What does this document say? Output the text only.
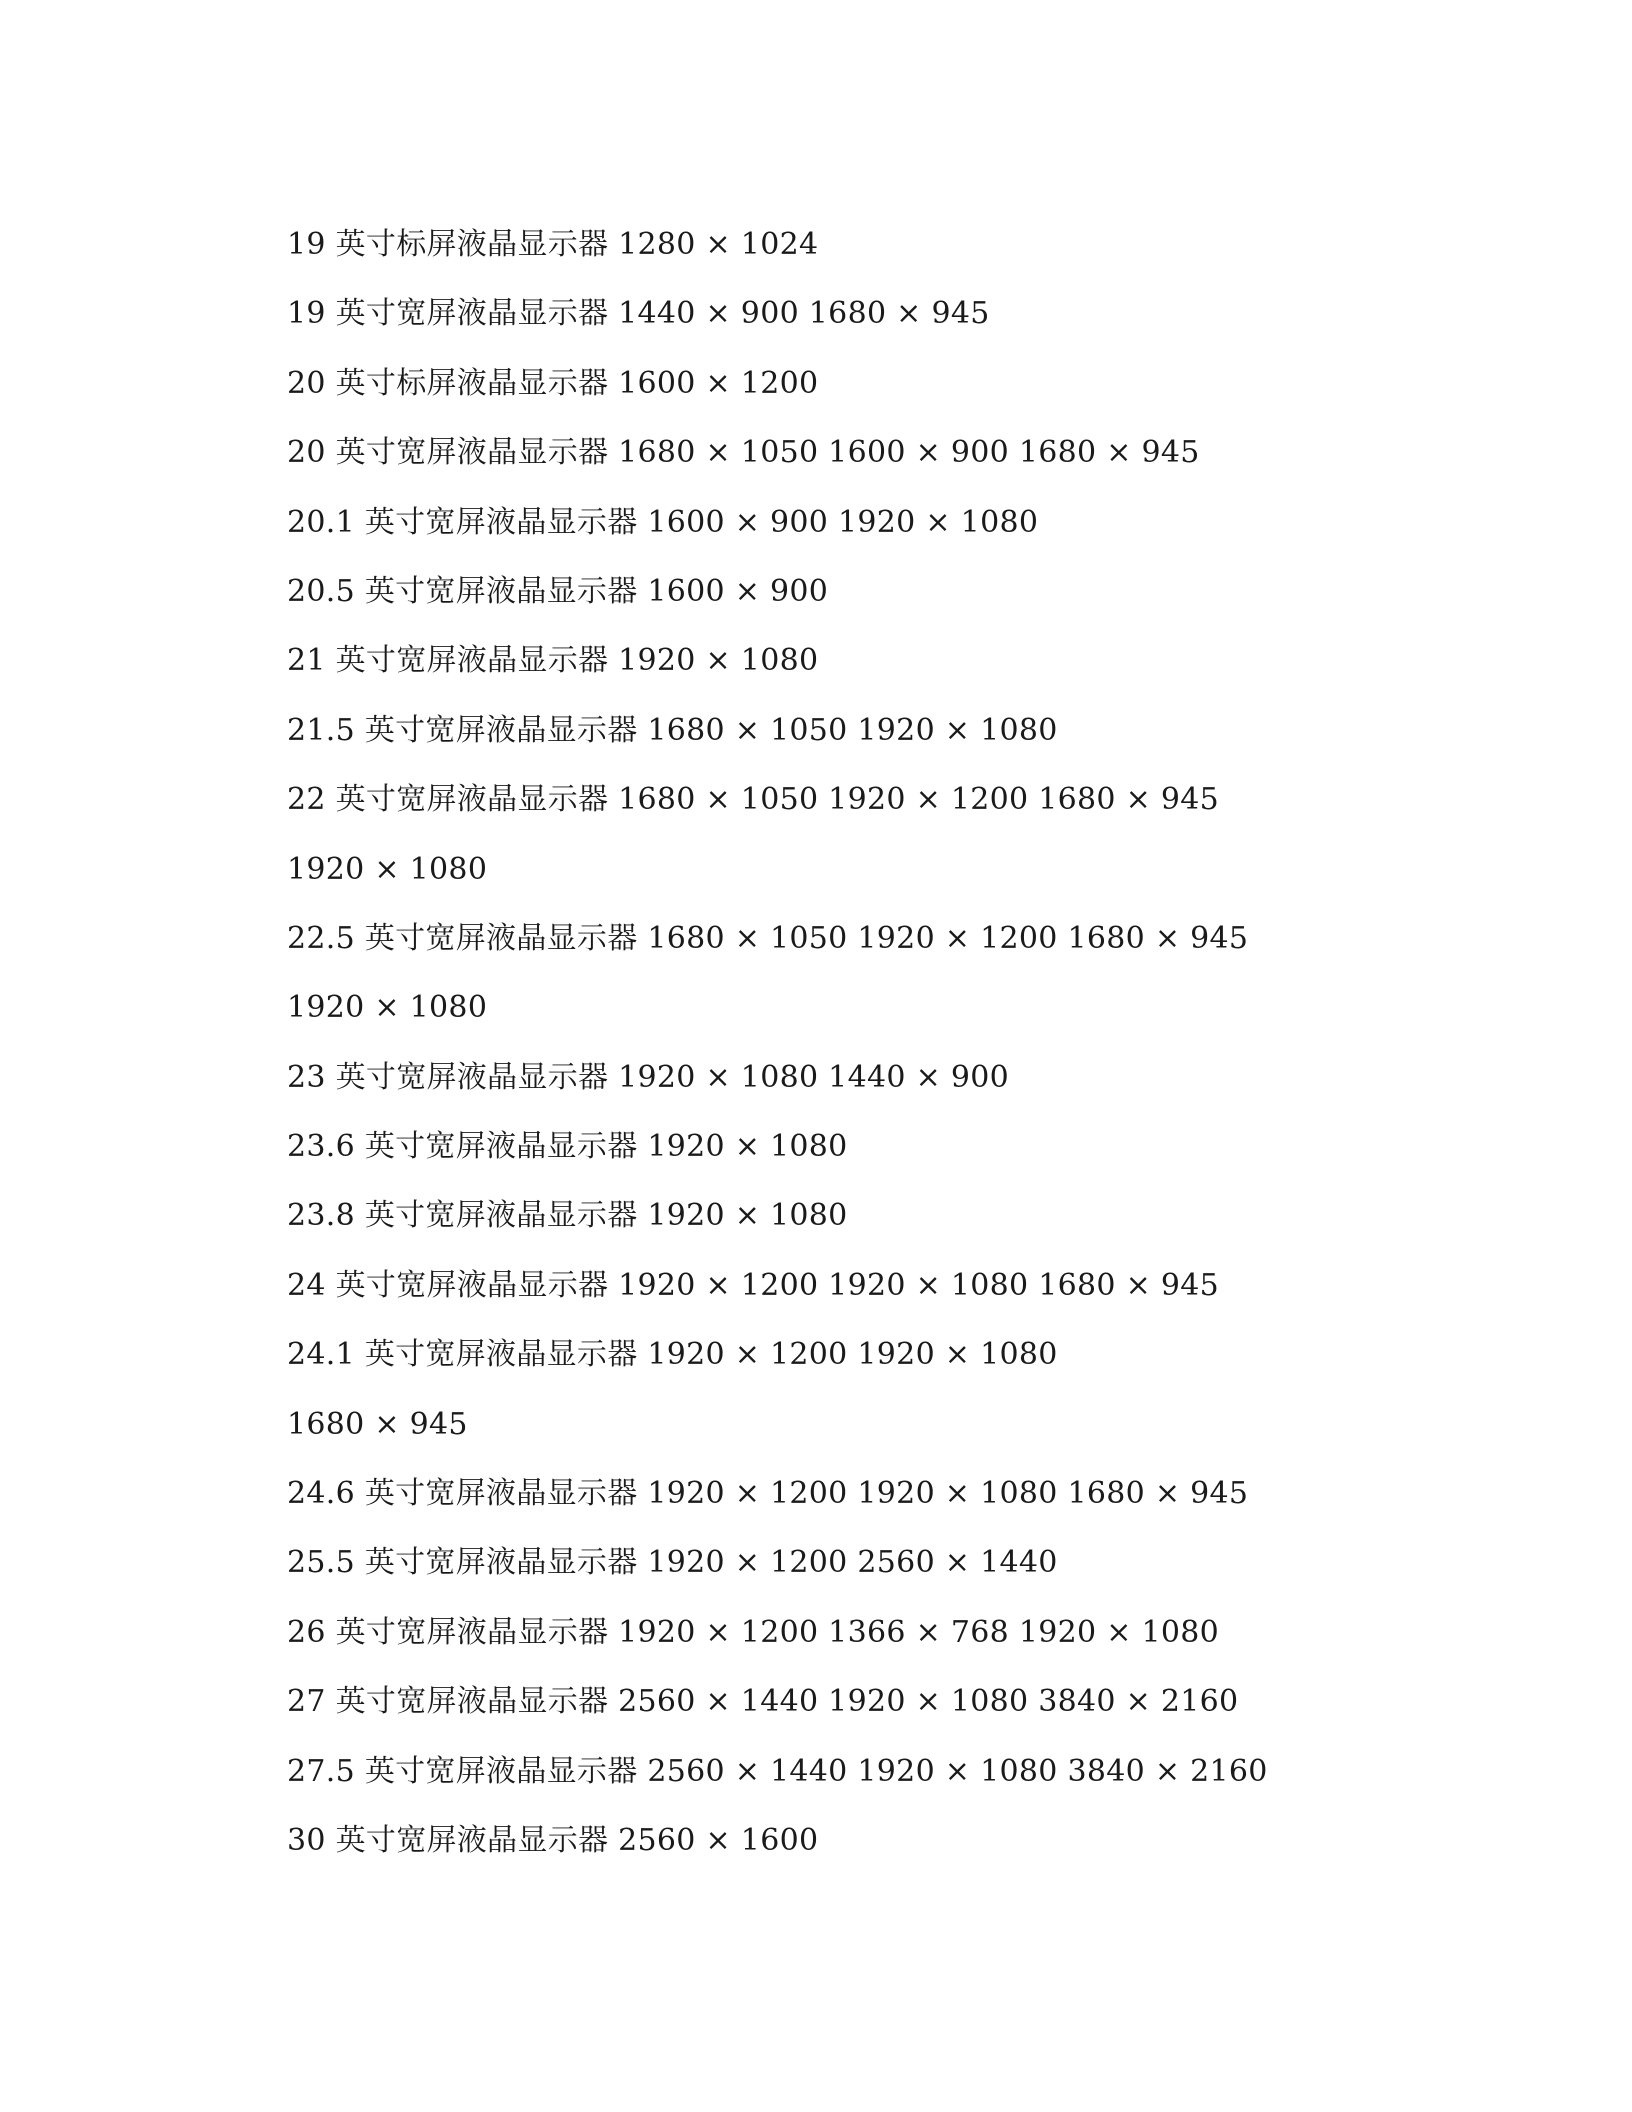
19 英寸标屏液晶显示器 1280 × 1024
19 英寸宽屏液晶显示器 1440 × 900 1680 × 945
20 英寸标屏液晶显示器 1600 × 1200
20 英寸宽屏液晶显示器 1680 × 1050 1600 × 900 1680 × 945
20.1 英寸宽屏液晶显示器 1600 × 900 1920 × 1080
20.5 英寸宽屏液晶显示器 1600 × 900
21 英寸宽屏液晶显示器 1920 × 1080
21.5 英寸宽屏液晶显示器 1680 × 1050 1920 × 1080
22 英寸宽屏液晶显示器 1680 × 1050 1920 × 1200 1680 × 945
1920 × 1080
22.5 英寸宽屏液晶显示器 1680 × 1050 1920 × 1200 1680 × 945
1920 × 1080
23 英寸宽屏液晶显示器 1920 × 1080 1440 × 900
23.6 英寸宽屏液晶显示器 1920 × 1080
23.8 英寸宽屏液晶显示器 1920 × 1080
24 英寸宽屏液晶显示器 1920 × 1200 1920 × 1080 1680 × 945
24.1 英寸宽屏液晶显示器 1920 × 1200 1920 × 1080
1680 × 945
24.6 英寸宽屏液晶显示器 1920 × 1200 1920 × 1080 1680 × 945
25.5 英寸宽屏液晶显示器 1920 × 1200 2560 × 1440
26 英寸宽屏液晶显示器 1920 × 1200 1366 × 768 1920 × 1080
27 英寸宽屏液晶显示器 2560 × 1440 1920 × 1080 3840 × 2160
27.5 英寸宽屏液晶显示器 2560 × 1440 1920 × 1080 3840 × 2160
30 英寸宽屏液晶显示器 2560 × 1600
